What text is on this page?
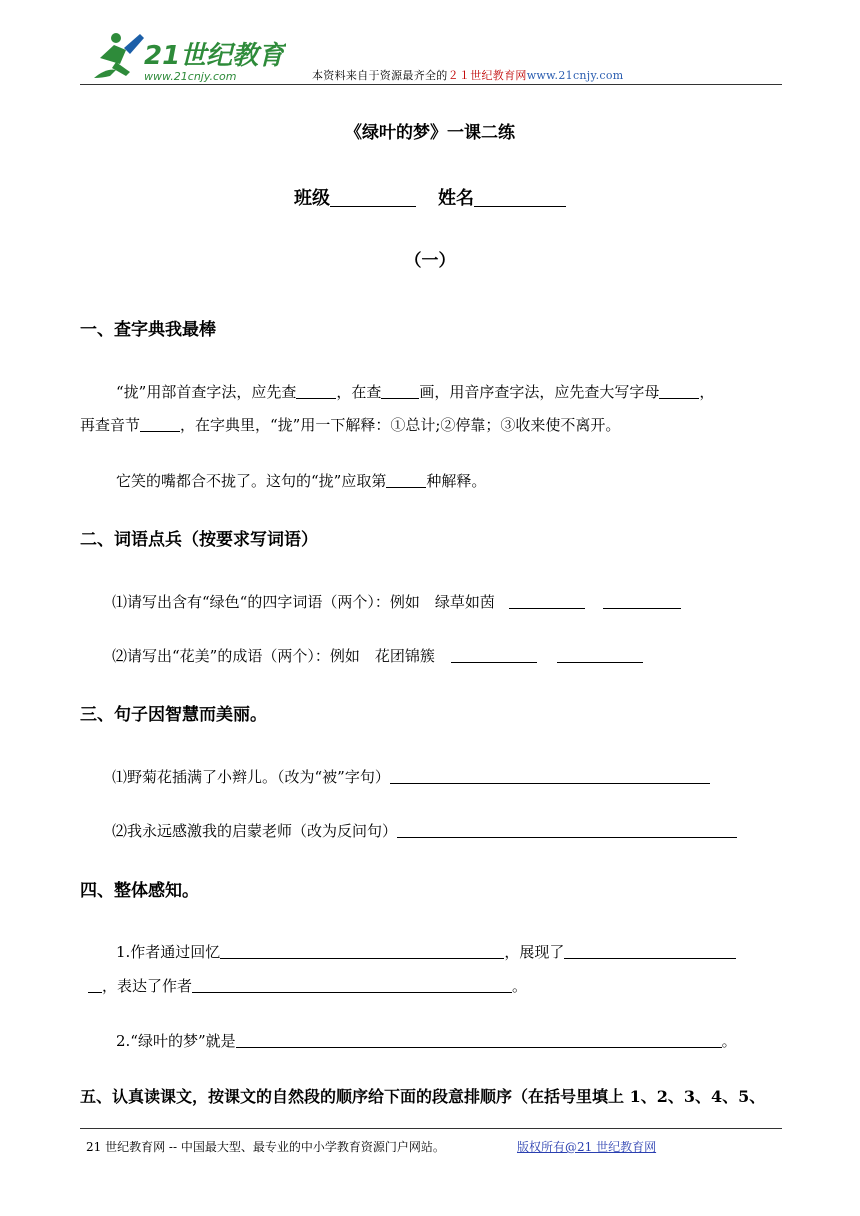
21世纪教育
www.21cnjy.com	本资料来自于资源最齐全的２１世纪教育网www.21cnjy.com
《绿叶的梦》一课二练
班级	姓名
（一）
一、查字典我最棒
“拢”用部首查字法，应先查	，在查	画，用音序查字法，应先查大写字母	，
再查音节	，在字典里，“拢”用一下解释：①总计;②停靠；③收来使不离开。
它笑的嘴都合不拢了。这句的“拢”应取第	种解释。
二、词语点兵（按要求写词语）
⑴请写出含有“绿色“的四字词语（两个）：例如　绿草如茵
⑵请写出“花美”的成语（两个）：例如　花团锦簇
三、句子因智慧而美丽。
⑴野菊花插满了小辫儿。（改为“被”字句）
⑵我永远感激我的启蒙老师（改为反问句）
四、整体感知。
1.作者通过回忆	，展现了
，表达了作者	。
2.“绿叶的梦”就是	。
五、认真读课文，按课文的自然段的顺序给下面的段意排顺序（在括号里填上 1、2、3、4、5、
21 世纪教育网 -- 中国最大型、最专业的中小学教育资源门户网站。	版权所有@21 世纪教育网
